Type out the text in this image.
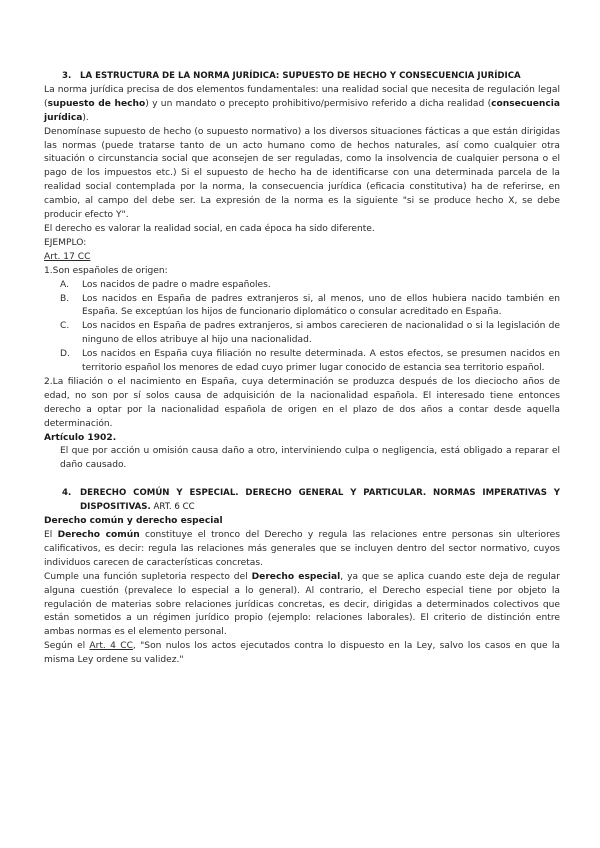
3.	LA ESTRUCTURA DE LA NORMA JURÍDICA: SUPUESTO DE HECHO Y CONSECUENCIA JURÍDICA

La norma jurídica precisa de dos elementos fundamentales: una realidad social que necesita de regulación legal (supuesto de hecho) y un mandato o precepto prohibitivo/permisivo referido a dicha realidad (consecuencia jurídica).

Denomínase supuesto de hecho (o supuesto normativo) a los diversos situaciones fácticas a que están dirigidas las normas (puede tratarse tanto de un acto humano como de hechos naturales, así como cualquier otra situación o circunstancia social que aconsejen de ser reguladas, como la insolvencia de cualquier persona o el pago de los impuestos etc.) Si el supuesto de hecho ha de identificarse con una determinada parcela de la realidad social contemplada por la norma, la consecuencia jurídica (eficacia constitutiva) ha de referirse, en cambio, al campo del debe ser. La expresión de la norma es la siguiente "si se produce hecho X, se debe producir efecto Y".

El derecho es valorar la realidad social, en cada época ha sido diferente.

EJEMPLO:

Art. 17 CC

1.Son españoles de origen:

A.	Los nacidos de padre o madre españoles.
B.	Los nacidos en España de padres extranjeros si, al menos, uno de ellos hubiera nacido también en España. Se exceptúan los hijos de funcionario diplomático o consular acreditado en España.
C.	Los nacidos en España de padres extranjeros, si ambos carecieren de nacionalidad o si la legislación de ninguno de ellos atribuye al hijo una nacionalidad.
D.	Los nacidos en España cuya filiación no resulte determinada. A estos efectos, se presumen nacidos en territorio español los menores de edad cuyo primer lugar conocido de estancia sea territorio español.

2.La filiación o el nacimiento en España, cuya determinación se produzca después de los dieciocho años de edad, no son por sí solos causa de adquisición de la nacionalidad española. El interesado tiene entonces derecho a optar por la nacionalidad española de origen en el plazo de dos años a contar desde aquella determinación.

Artículo 1902.

El que por acción u omisión causa daño a otro, interviniendo culpa o negligencia, está obligado a reparar el daño causado.

4.	DERECHO COMÚN Y ESPECIAL. DERECHO GENERAL Y PARTICULAR. NORMAS IMPERATIVAS Y DISPOSITIVAS. ART. 6 CC

Derecho común y derecho especial

El Derecho común constituye el tronco del Derecho y regula las relaciones entre personas sin ulteriores calificativos, es decir: regula las relaciones más generales que se incluyen dentro del sector normativo, cuyos individuos carecen de características concretas.

Cumple una función supletoria respecto del Derecho especial, ya que se aplica cuando este deja de regular alguna cuestión (prevalece lo especial a lo general). Al contrario, el Derecho especial tiene por objeto la regulación de materias sobre relaciones jurídicas concretas, es decir, dirigidas a determinados colectivos que están sometidos a un régimen jurídico propio (ejemplo: relaciones laborales). El criterio de distinción entre ambas normas es el elemento personal.

Según el Art. 4 CC, "Son nulos los actos ejecutados contra lo dispuesto en la Ley, salvo los casos en que la misma Ley ordene su validez."
